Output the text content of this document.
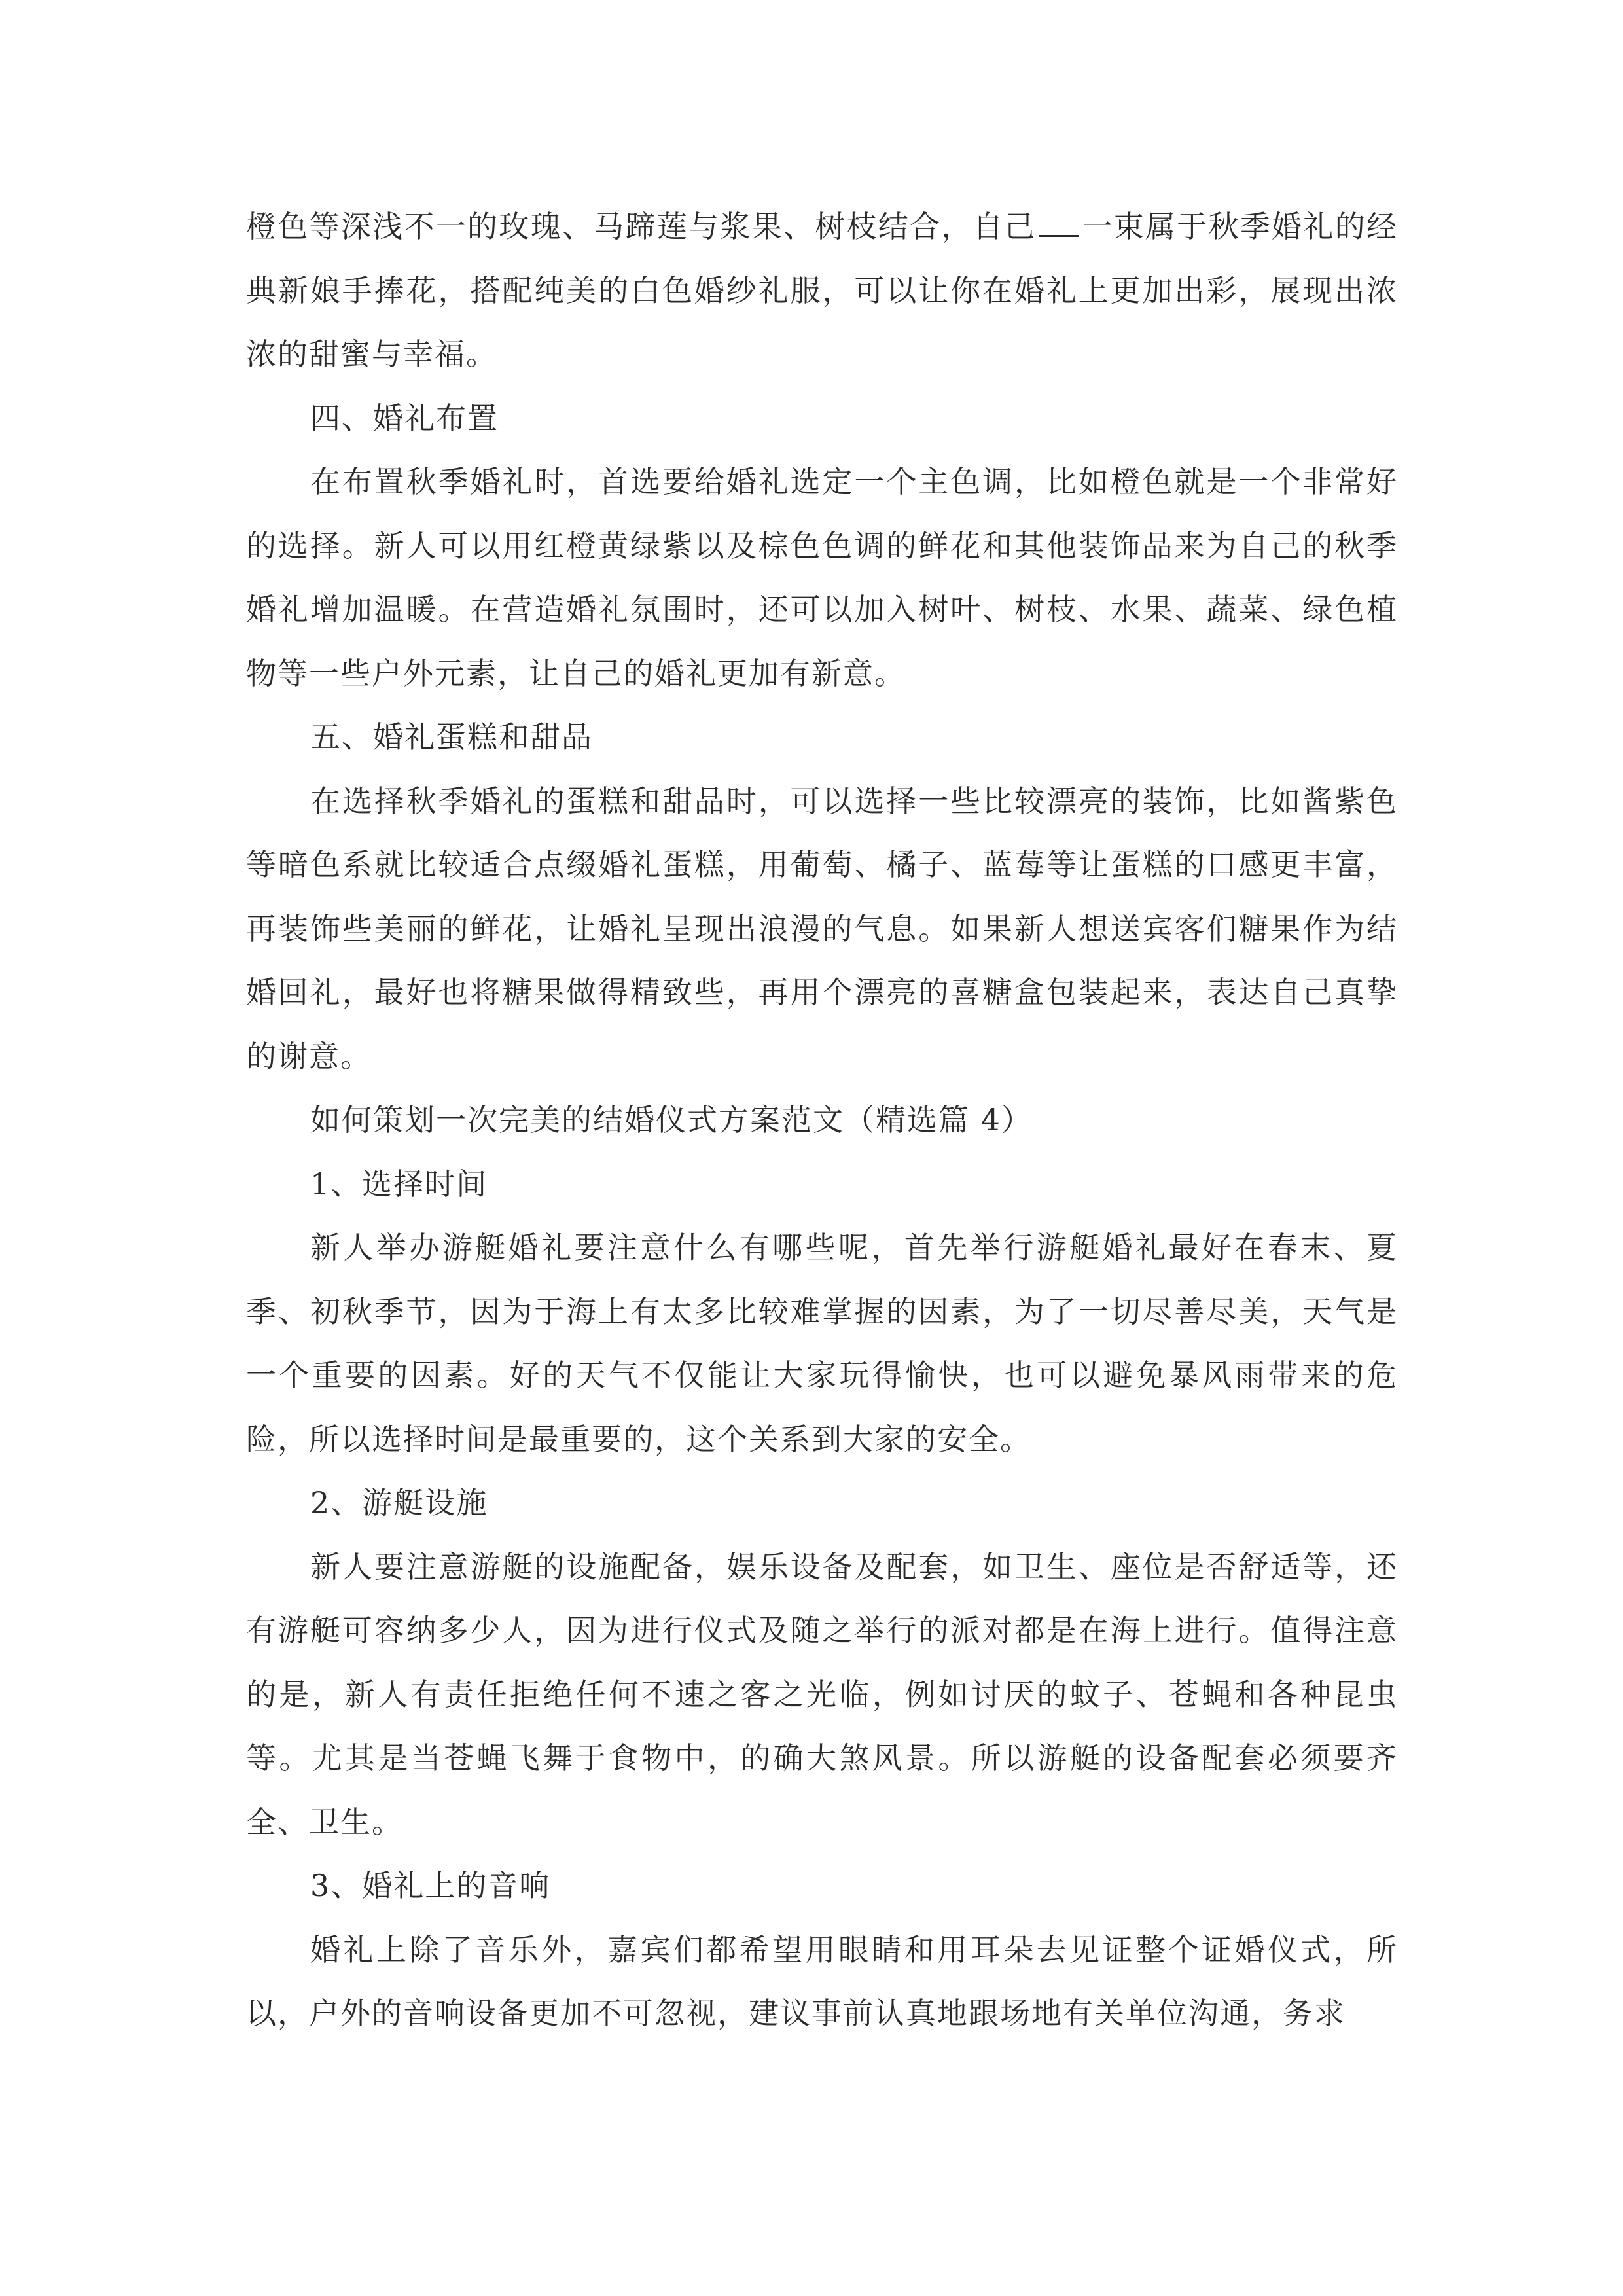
橙色等深浅不一的玫瑰、马蹄莲与浆果、树枝结合，自己 一束属于秋季婚礼的经典新娘手捧花，搭配纯美的白色婚纱礼服，可以让你在婚礼上更加出彩，展现出浓浓的甜蜜与幸福。

四、婚礼布置

在布置秋季婚礼时，首选要给婚礼选定一个主色调，比如橙色就是一个非常好的选择。新人可以用红橙黄绿紫以及棕色色调的鲜花和其他装饰品来为自己的秋季婚礼增加温暖。在营造婚礼氛围时，还可以加入树叶、树枝、水果、蔬菜、绿色植物等一些户外元素，让自己的婚礼更加有新意。

五、婚礼蛋糕和甜品

在选择秋季婚礼的蛋糕和甜品时，可以选择一些比较漂亮的装饰，比如酱紫色等暗色系就比较适合点缀婚礼蛋糕，用葡萄、橘子、蓝莓等让蛋糕的口感更丰富，再装饰些美丽的鲜花，让婚礼呈现出浪漫的气息。如果新人想送宾客们糖果作为结婚回礼，最好也将糖果做得精致些，再用个漂亮的喜糖盒包装起来，表达自己真挚的谢意。

如何策划一次完美的结婚仪式方案范文（精选篇 4）

1、选择时间

新人举办游艇婚礼要注意什么有哪些呢，首先举行游艇婚礼最好在春末、夏季、初秋季节，因为于海上有太多比较难掌握的因素，为了一切尽善尽美，天气是一个重要的因素。好的天气不仅能让大家玩得愉快，也可以避免暴风雨带来的危险，所以选择时间是最重要的，这个关系到大家的安全。

2、游艇设施

新人要注意游艇的设施配备，娱乐设备及配套，如卫生、座位是否舒适等，还有游艇可容纳多少人，因为进行仪式及随之举行的派对都是在海上进行。值得注意的是，新人有责任拒绝任何不速之客之光临，例如讨厌的蚊子、苍蝇和各种昆虫等。尤其是当苍蝇飞舞于食物中，的确大煞风景。所以游艇的设备配套必须要齐全、卫生。

3、婚礼上的音响

婚礼上除了音乐外，嘉宾们都希望用眼睛和用耳朵去见证整个证婚仪式，所以，户外的音响设备更加不可忽视，建议事前认真地跟场地有关单位沟通，务求
